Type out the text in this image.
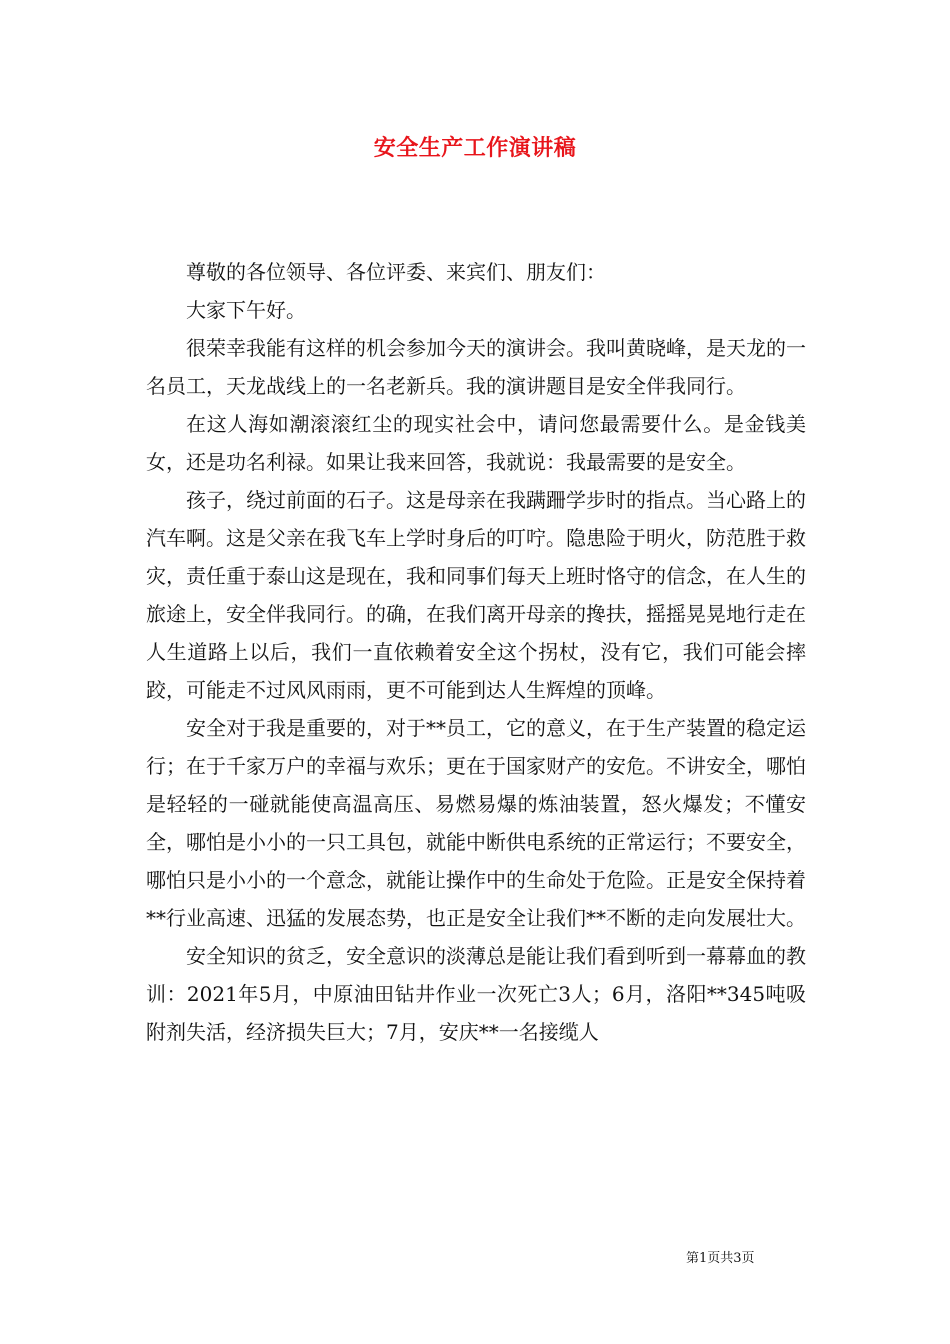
安全生产工作演讲稿

尊敬的各位领导、各位评委、来宾们、朋友们：

大家下午好。

很荣幸我能有这样的机会参加今天的演讲会。我叫黄晓峰，是天龙的一名员工，天龙战线上的一名老新兵。我的演讲题目是安全伴我同行。

在这人海如潮滚滚红尘的现实社会中，请问您最需要什么。是金钱美女，还是功名利禄。如果让我来回答，我就说：我最需要的是安全。

孩子，绕过前面的石子。这是母亲在我蹒跚学步时的指点。当心路上的汽车啊。这是父亲在我飞车上学时身后的叮咛。隐患险于明火，防范胜于救灾，责任重于泰山这是现在，我和同事们每天上班时恪守的信念，在人生的旅途上，安全伴我同行。的确，在我们离开母亲的搀扶，摇摇晃晃地行走在人生道路上以后，我们一直依赖着安全这个拐杖，没有它，我们可能会摔跤，可能走不过风风雨雨，更不可能到达人生辉煌的顶峰。

安全对于我是重要的，对于**员工，它的意义，在于生产装置的稳定运行；在于千家万户的幸福与欢乐；更在于国家财产的安危。不讲安全，哪怕是轻轻的一碰就能使高温高压、易燃易爆的炼油装置，怒火爆发；不懂安全，哪怕是小小的一只工具包，就能中断供电系统的正常运行；不要安全，哪怕只是小小的一个意念，就能让操作中的生命处于危险。正是安全保持着**行业高速、迅猛的发展态势，也正是安全让我们**不断的走向发展壮大。

安全知识的贫乏，安全意识的淡薄总是能让我们看到听到一幕幕血的教训：2021年5月，中原油田钻井作业一次死亡3人；6月，洛阳**345吨吸附剂失活，经济损失巨大；7月，安庆**一名接缆人

第1页共3页
